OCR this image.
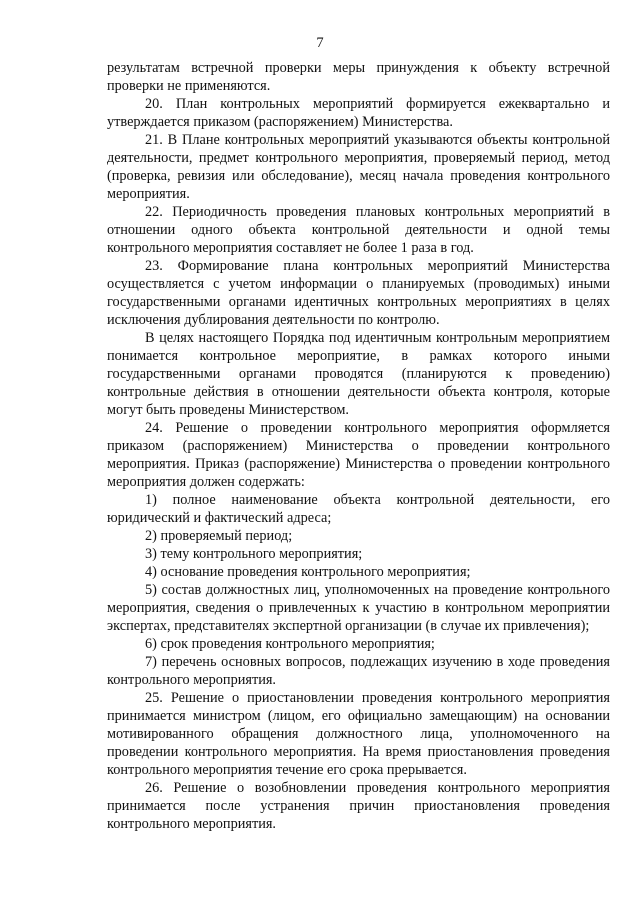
7

результатам встречной проверки меры принуждения к объекту встречной проверки не применяются.

20. План контрольных мероприятий формируется ежеквартально и утверждается приказом (распоряжением) Министерства.

21. В Плане контрольных мероприятий указываются объекты контрольной деятельности, предмет контрольного мероприятия, проверяемый период, метод (проверка, ревизия или обследование), месяц начала проведения контрольного мероприятия.

22. Периодичность проведения плановых контрольных мероприятий в отношении одного объекта контрольной деятельности и одной темы контрольного мероприятия составляет не более 1 раза в год.

23. Формирование плана контрольных мероприятий Министерства осуществляется с учетом информации о планируемых (проводимых) иными государственными органами идентичных контрольных мероприятиях в целях исключения дублирования деятельности по контролю.

В целях настоящего Порядка под идентичным контрольным мероприятием понимается контрольное мероприятие, в рамках которого иными государственными органами проводятся (планируются к проведению) контрольные действия в отношении деятельности объекта контроля, которые могут быть проведены Министерством.

24. Решение о проведении контрольного мероприятия оформляется приказом (распоряжением) Министерства о проведении контрольного мероприятия. Приказ (распоряжение) Министерства о проведении контрольного мероприятия должен содержать:

1) полное наименование объекта контрольной деятельности, его юридический и фактический адреса;

2) проверяемый период;

3) тему контрольного мероприятия;

4) основание проведения контрольного мероприятия;

5) состав должностных лиц, уполномоченных на проведение контрольного мероприятия, сведения о привлеченных к участию в контрольном мероприятии экспертах, представителях экспертной организации (в случае их привлечения);

6) срок проведения контрольного мероприятия;

7) перечень основных вопросов, подлежащих изучению в ходе проведения контрольного мероприятия.

25. Решение о приостановлении проведения контрольного мероприятия принимается министром (лицом, его официально замещающим) на основании мотивированного обращения должностного лица, уполномоченного на проведении контрольного мероприятия. На время приостановления проведения контрольного мероприятия течение его срока прерывается.

26. Решение о возобновлении проведения контрольного мероприятия принимается после устранения причин приостановления проведения контрольного мероприятия.
